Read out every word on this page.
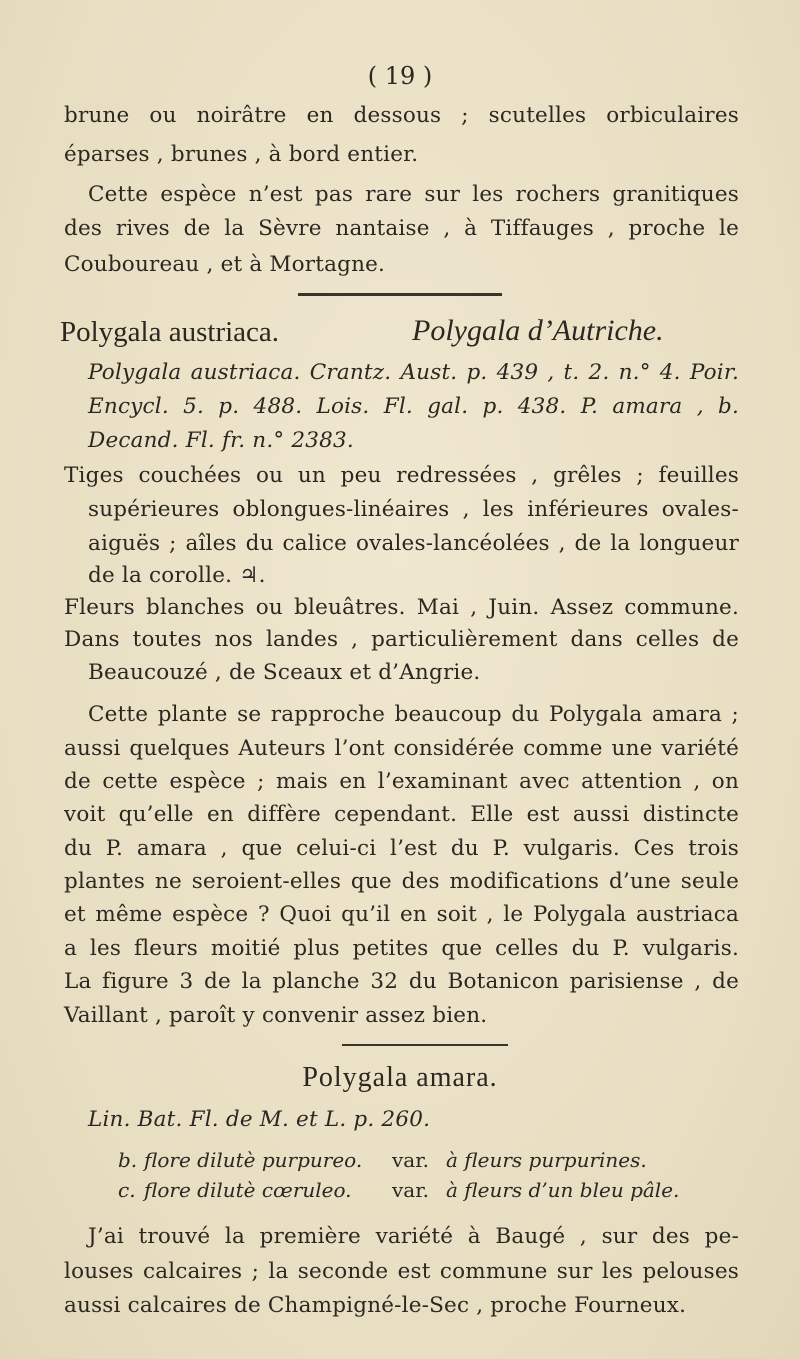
( 19 )
brune ou noirâtre en dessous ; scutelles orbiculaires
éparses , brunes , à bord entier.
Cette espèce n’est pas rare sur les rochers granitiques
des rives de la Sèvre nantaise , à Tiffauges , proche le
Couboureau , et à Mortagne.
Polygala austriaca.	Polygala d’Autriche.
Polygala austriaca. Crantz. Aust. p. 439 , t. 2. n.° 4. Poir.
Encycl. 5. p. 488. Lois. Fl. gal. p. 438. P. amara , b.
Decand. Fl. fr. n.° 2383.
Tiges couchées ou un peu redressées , grêles ; feuilles
supérieures oblongues-linéaires , les inférieures ovales-
aiguës ; aîles du calice ovales-lancéolées , de la longueur
de la corolle. ♃.
Fleurs blanches ou bleuâtres. Mai , Juin. Assez commune.
Dans toutes nos landes , particulièrement dans celles de
Beaucouzé , de Sceaux et d’Angrie.
Cette plante se rapproche beaucoup du Polygala amara ;
aussi quelques Auteurs l’ont considérée comme une variété
de cette espèce ; mais en l’examinant avec attention , on
voit qu’elle en diffère cependant. Elle est aussi distincte
du P. amara , que celui-ci l’est du P. vulgaris. Ces trois
plantes ne seroient-elles que des modifications d’une seule
et même espèce ? Quoi qu’il en soit , le Polygala austriaca
a les fleurs moitié plus petites que celles du P. vulgaris.
La figure 3 de la planche 32 du Botanicon parisiense , de
Vaillant , paroît y convenir assez bien.
Polygala amara.
Lin. Bat. Fl. de M. et L. p. 260.
b. flore dilutè purpureo. var. à fleurs purpurines.
c. flore dilutè cœruleo. var. à fleurs d’un bleu pâle.
J’ai trouvé la première variété à Baugé , sur des pe-
louses calcaires ; la seconde est commune sur les pelouses
aussi calcaires de Champigné-le-Sec , proche Fourneux.
